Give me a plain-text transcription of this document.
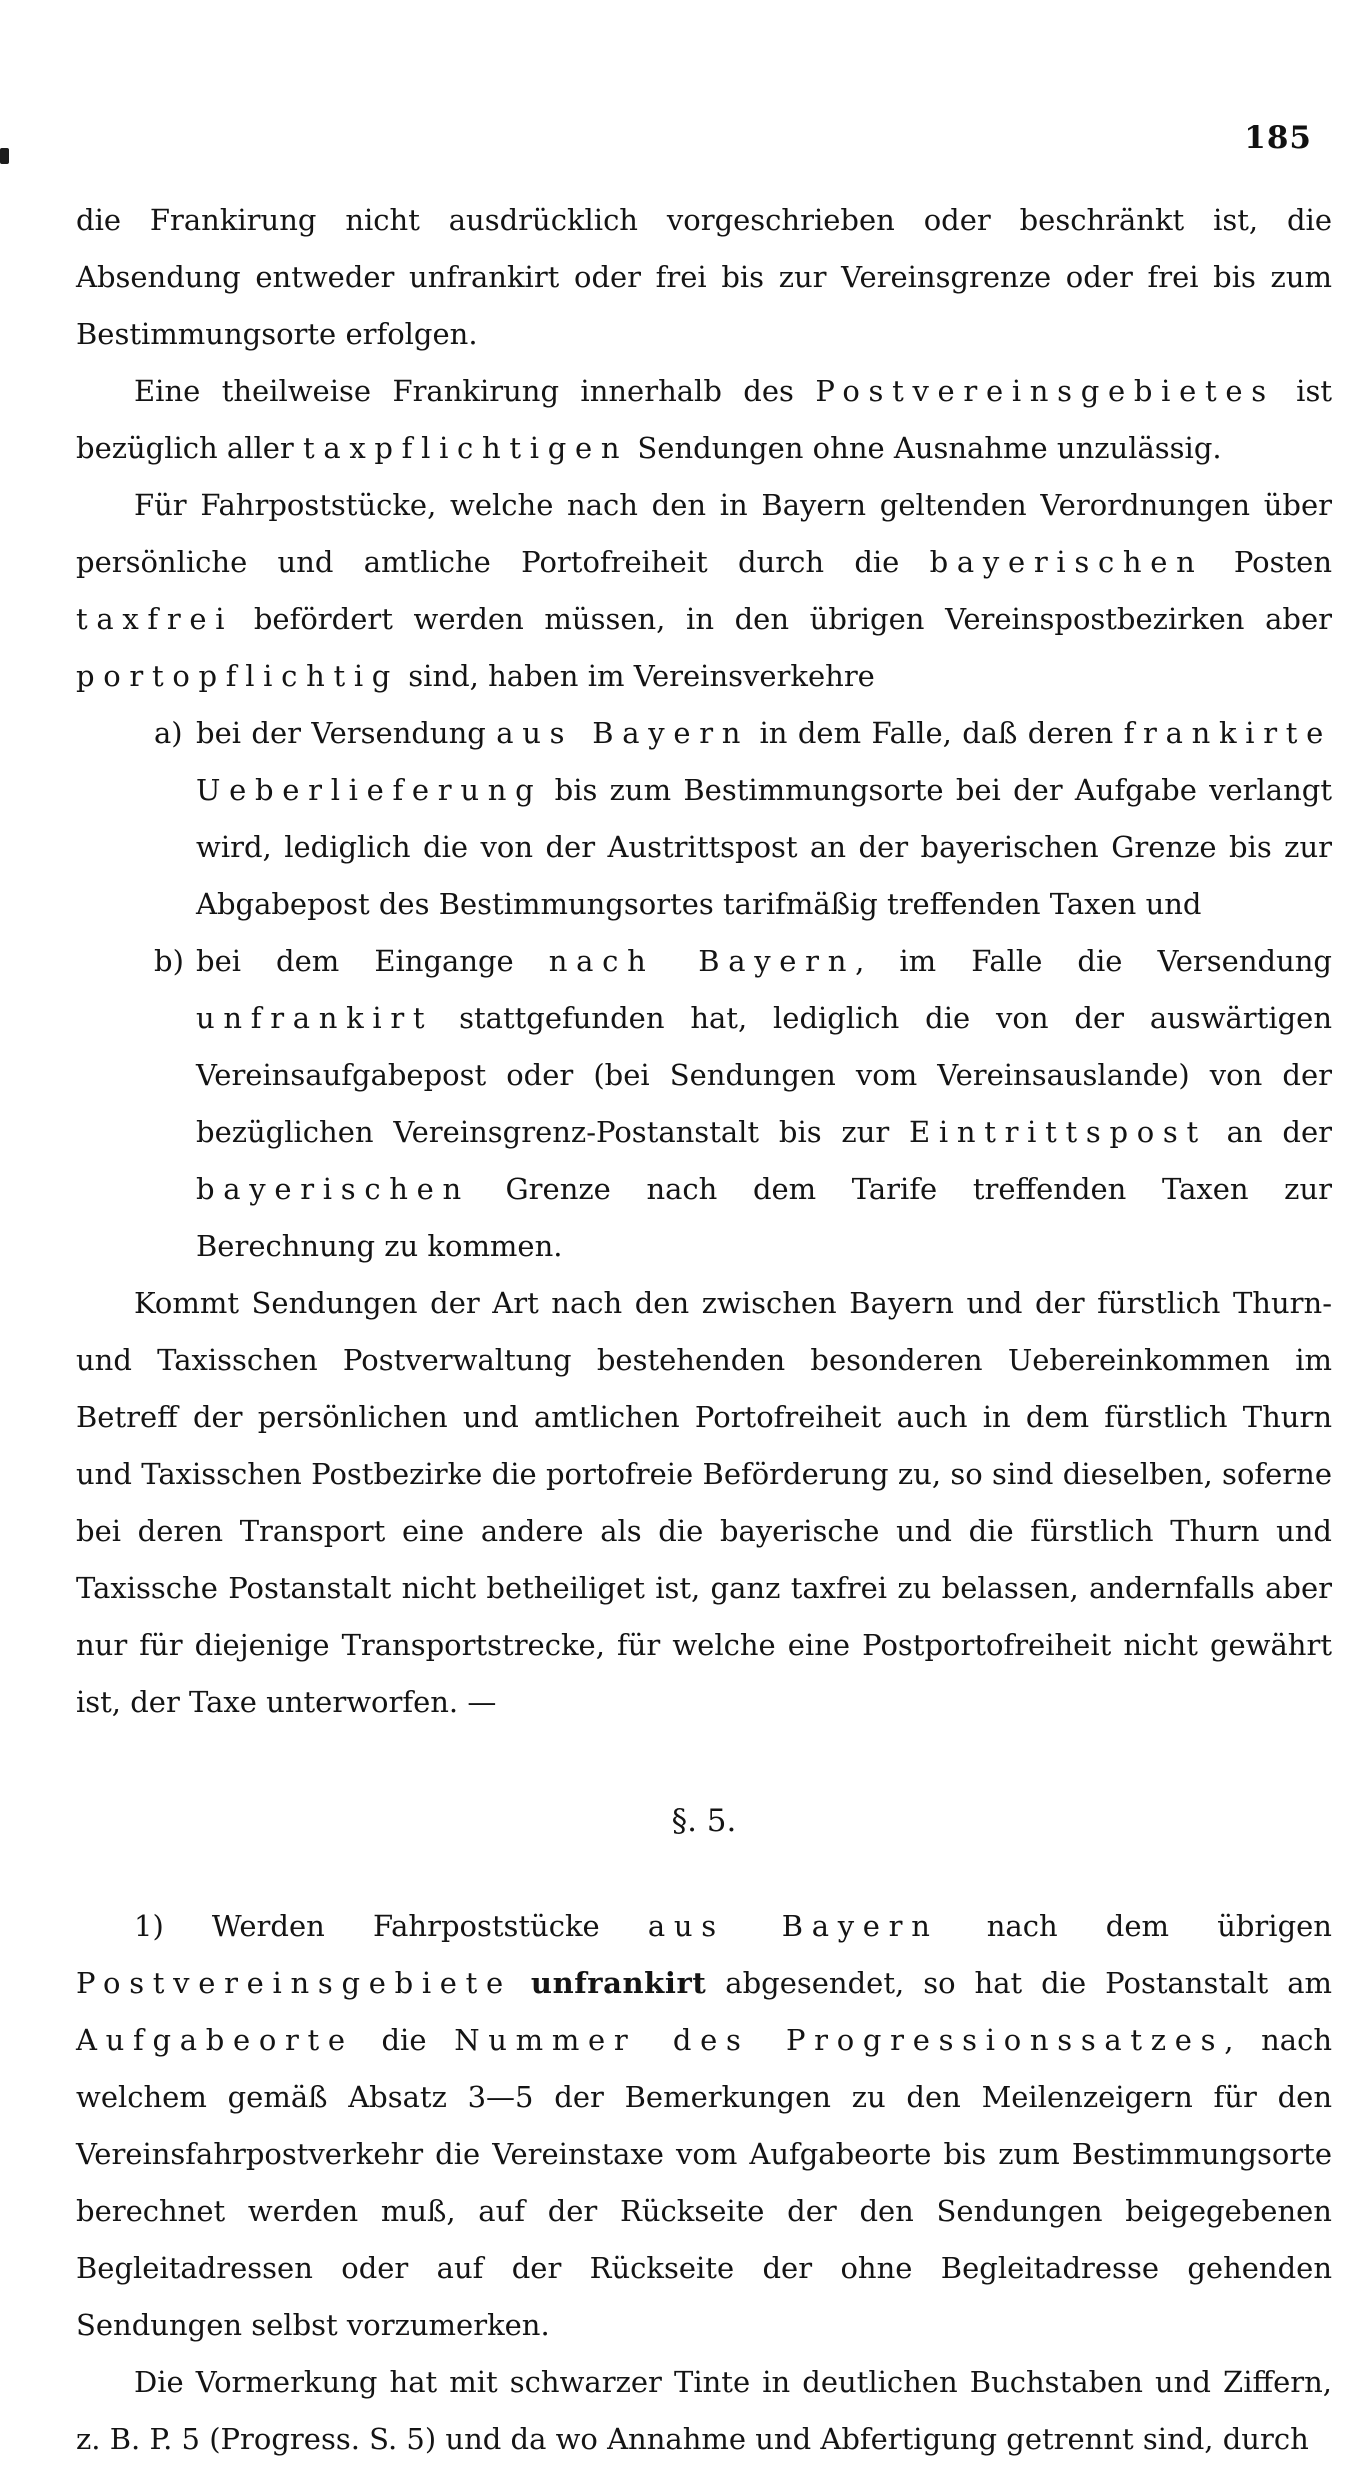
185

die Frankirung nicht ausdrücklich vorgeschrieben oder beschränkt ist, die Absendung entweder unfrankirt oder frei bis zur Vereinsgrenze oder frei bis zum Bestimmungsorte erfolgen.

Eine theilweise Frankirung innerhalb des Postvereinsgebietes ist bezüglich aller taxpflichtigen Sendungen ohne Ausnahme unzulässig.

Für Fahrpoststücke, welche nach den in Bayern geltenden Verordnungen über persönliche und amtliche Portofreiheit durch die bayerischen Posten taxfrei befördert werden müssen, in den übrigen Vereinspostbezirken aber portopflichtig sind, haben im Vereinsverkehre

a) bei der Versendung aus Bayern in dem Falle, daß deren frankirte Ueberlieferung bis zum Bestimmungsorte bei der Aufgabe verlangt wird, lediglich die von der Austrittspost an der bayerischen Grenze bis zur Abgabepost des Bestimmungsortes tarifmäßig treffenden Taxen und

b) bei dem Eingange nach Bayern, im Falle die Versendung unfrankirt stattgefunden hat, lediglich die von der auswärtigen Vereinsaufgabepost oder (bei Sendungen vom Vereinsauslande) von der bezüglichen Vereinsgrenz-Postanstalt bis zur Eintrittspost an der bayerischen Grenze nach dem Tarife treffenden Taxen zur Berechnung zu kommen.

Kommt Sendungen der Art nach den zwischen Bayern und der fürstlich Thurn- und Taxisschen Postverwaltung bestehenden besonderen Uebereinkommen im Betreff der persönlichen und amtlichen Portofreiheit auch in dem fürstlich Thurn und Taxisschen Postbezirke die portofreie Beförderung zu, so sind dieselben, soferne bei deren Transport eine andere als die bayerische und die fürstlich Thurn und Taxissche Postanstalt nicht betheiliget ist, ganz taxfrei zu belassen, andernfalls aber nur für diejenige Transportstrecke, für welche eine Postportofreiheit nicht gewährt ist, der Taxe unterworfen. —

§. 5.

1) Werden Fahrpoststücke aus Bayern nach dem übrigen Postvereinsgebiete unfrankirt abgesendet, so hat die Postanstalt am Aufgabeorte die Nummer des Progressionssatzes, nach welchem gemäß Absatz 3—5 der Bemerkungen zu den Meilenzeigern für den Vereinsfahrpostverkehr die Vereinstaxe vom Aufgabeorte bis zum Bestimmungsorte berechnet werden muß, auf der Rückseite der den Sendungen beigegebenen Begleitadressen oder auf der Rückseite der ohne Begleitadresse gehenden Sendungen selbst vorzumerken.

Die Vormerkung hat mit schwarzer Tinte in deutlichen Buchstaben und Ziffern, z. B. P. 5 (Progress. S. 5) und da wo Annahme und Abfertigung getrennt sind, durch
